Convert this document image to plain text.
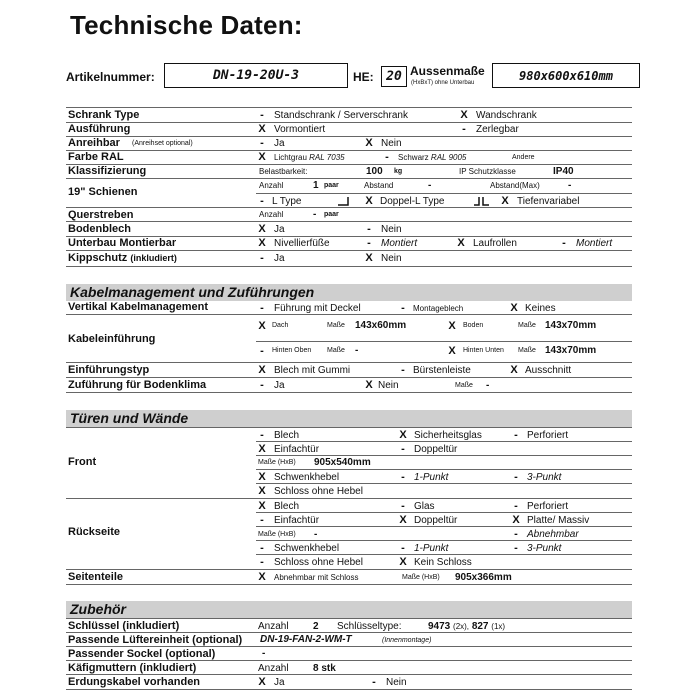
Technische Daten:
Artikelnummer:	DN-19-20U-3	HE: 20 Aussenmaße
(HxBxT) ohne Unterbau
980x600x610mm
Schrank Type	-	Standschrank / Serverschrank	X Wandschrank
Ausführung	X Vormontiert	-	Zerlegbar
Anreihbar (Anreihset optional)	-	Ja	X Nein
Farbe RAL	X Lichtgrau RAL 7035	-	Schwarz RAL 9005	Andere
Klassifizierung	Belastbarkeit:	100 kg	IP Schutzklasse	IP40
19" Schienen
Anzahl	1 paar	Abstand	-	Abstand(Max)	-
- L Type	X Doppel-L Type	X Tiefenvariabel
Querstreben	Anzahl	- paar
Bodenblech	X Ja	-	Nein
Unterbau Montierbar	X Nivellierfüße	-	Montiert	X Laufrollen	-	Montiert
Kippschutz (inkludiert)	-	Ja	X Nein
Kabelmanagement und Zuführungen
Vertikal Kabelmanagement	-	Führung mit Deckel	-	Montageblech	X Keines
Kabeleinführung
X Dach	Maße 143x60mm	X Boden	Maße 143x70mm
-	Hinten Oben Maße -	X Hinten Unten Maße 143x70mm
Einführungstyp	X Blech mit Gummi	- Bürstenleiste	X Ausschnitt
Zuführung für Bodenklima	-	Ja	X Nein	Maße -
Türen und Wände
Front
-	Blech	X Sicherheitsglas	- Perforiert
X Einfachtür	- Doppeltür
Maße (HxB) 905x540mm
X Schwenkhebel	- 1-Punkt	- 3-Punkt
X Schloss ohne Hebel
Rückseite
X Blech	- Glas	- Perforiert
-	Einfachtür	X Doppeltür	X Platte/ Massiv
Maße (HxB) -	- Abnehmbar
-	Schwenkhebel	- 1-Punkt	- 3-Punkt
-	Schloss ohne Hebel	X Kein Schloss
Seitenteile	X Abnehmbar mit Schloss	Maße (HxB) 905x366mm
Zubehör
Schlüssel (inkludiert)	Anzahl 2 Schlüsseltype:	9473 (2x), 827 (1x)
Passende Lüftereinheit (optional) DN-19-FAN-2-WM-T	(Innenmontage)
Passender Sockel (optional)	-
Käfigmuttern (inkludiert)	Anzahl 8 stk
Erdungskabel vorhanden	X Ja	-	Nein
